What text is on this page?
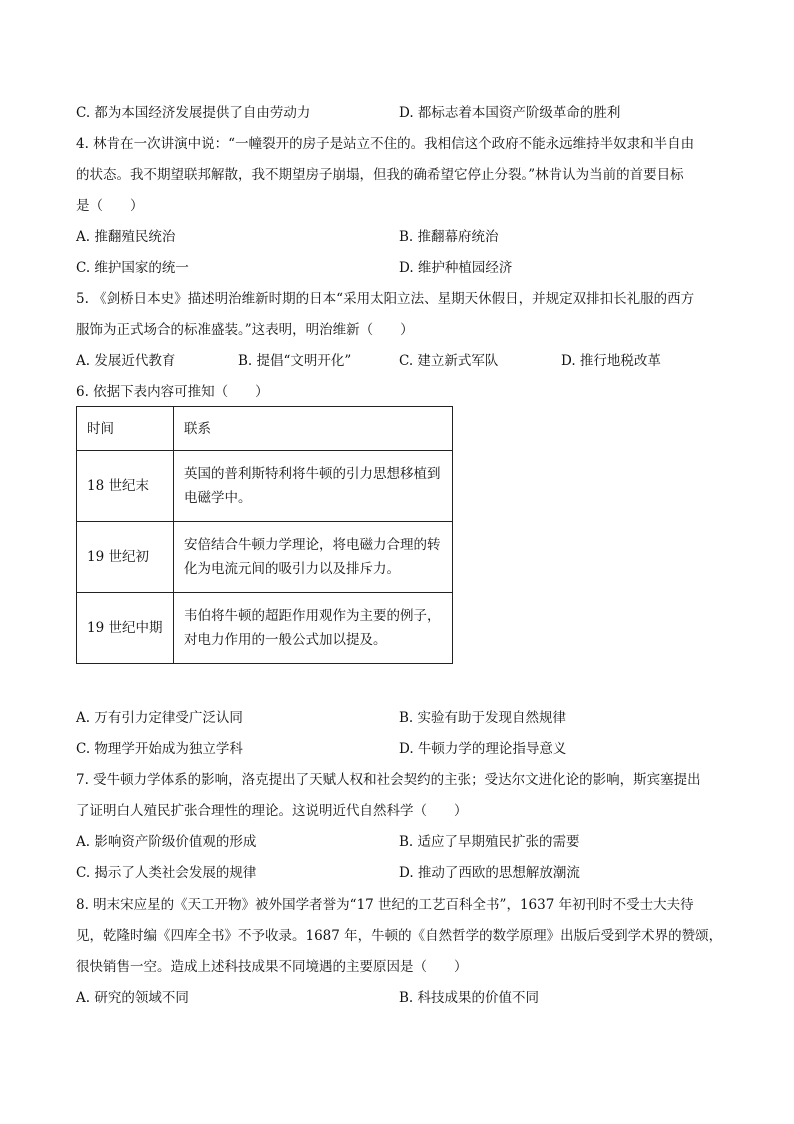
C. 都为本国经济发展提供了自由劳动力	D. 都标志着本国资产阶级革命的胜利
4. 林肯在一次讲演中说：“一幢裂开的房子是站立不住的。我相信这个政府不能永远维持半奴隶和半自由
的状态。我不期望联邦解散，我不期望房子崩塌，但我的确希望它停止分裂。”林肯认为当前的首要目标
是（　　）
A. 推翻殖民统治	B. 推翻幕府统治
C. 维护国家的统一	D. 维护种植园经济
5. 《剑桥日本史》描述明治维新时期的日本“采用太阳立法、星期天休假日，并规定双排扣长礼服的西方
服饰为正式场合的标准盛装。”这表明，明治维新（　　）
A. 发展近代教育	B. 提倡“文明开化”	C. 建立新式军队	D. 推行地税改革
6. 依据下表内容可推知（　　）
时间	联系
18 世纪末	英国的普利斯特利将牛顿的引力思想移植到
电磁学中。

19 世纪初	安倍结合牛顿力学理论，将电磁力合理的转
化为电流元间的吸引力以及排斥力。

19 世纪中期	韦伯将牛顿的超距作用观作为主要的例子，
对电力作用的一般公式加以提及。
A. 万有引力定律受广泛认同	B. 实验有助于发现自然规律
C. 物理学开始成为独立学科	D. 牛顿力学的理论指导意义
7. 受牛顿力学体系的影响，洛克提出了天赋人权和社会契约的主张；受达尔文进化论的影响，斯宾塞提出
了证明白人殖民扩张合理性的理论。这说明近代自然科学（　　）
A. 影响资产阶级价值观的形成	B. 适应了早期殖民扩张的需要
C. 揭示了人类社会发展的规律	D. 推动了西欧的思想解放潮流
8. 明末宋应星的《天工开物》被外国学者誉为“17 世纪的工艺百科全书”，1637 年初刊时不受士大夫待
见，乾隆时编《四库全书》不予收录。1687 年，牛顿的《自然哲学的数学原理》出版后受到学术界的赞颂，
很快销售一空。造成上述科技成果不同境遇的主要原因是（　　）
A. 研究的领域不同	B. 科技成果的价值不同
